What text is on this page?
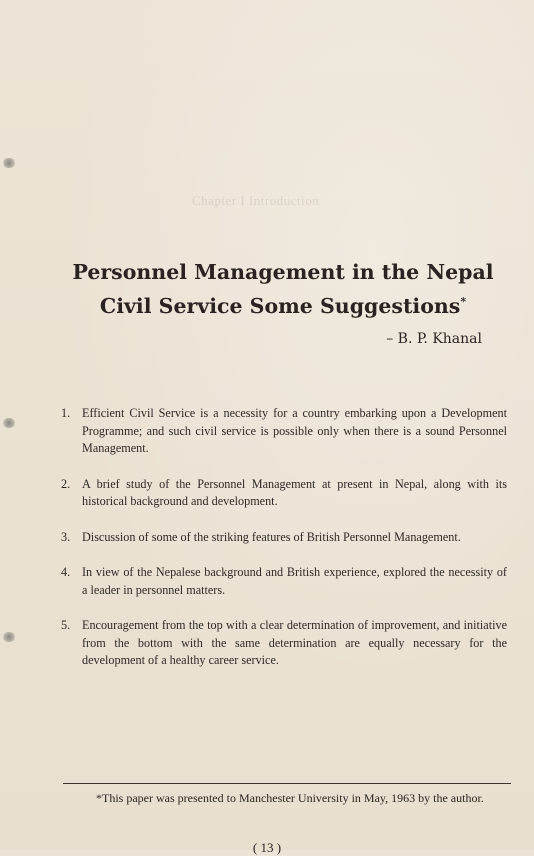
Chapter I Introduction
Personnel Management in the Nepal
Civil Service Some Suggestions*
– B. P. Khanal
1. Efficient Civil Service is a necessity for a country embarking upon a Development Programme; and such civil service is possible only when there is a sound Personnel Management.
2. A brief study of the Personnel Management at present in Nepal, along with its historical background and development.
3. Discussion of some of the striking features of British Personnel Management.
4. In view of the Nepalese background and British experience, explored the necessity of a leader in personnel matters.
5. Encouragement from the top with a clear determination of improvement, and initiative from the bottom with the same determination are equally necessary for the development of a healthy career service.
*This paper was presented to Manchester University in May, 1963 by the author.
( 13 )
